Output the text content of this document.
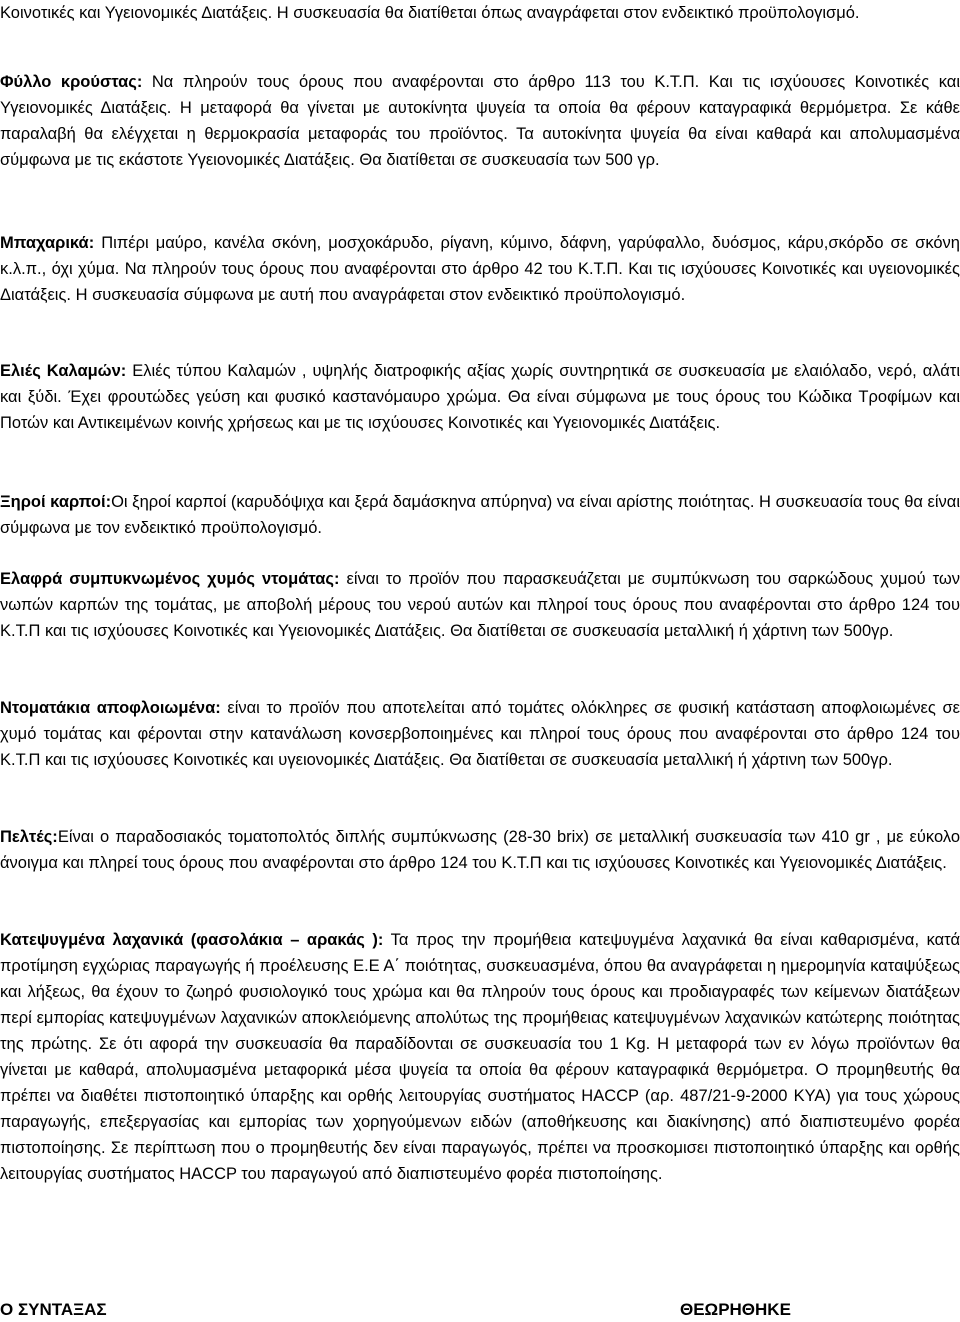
Κοινοτικές και Υγειονομικές Διατάξεις. Η συσκευασία θα διατίθεται όπως αναγράφεται στον ενδεικτικό προϋπολογισμό.

Φύλλο κρούστας: Να πληρούν τους όρους που αναφέρονται στο άρθρο 113 του Κ.Τ.Π. Και τις ισχύουσες Κοινοτικές και Υγειονομικές Διατάξεις. Η μεταφορά θα γίνεται με αυτοκίνητα ψυγεία τα οποία θα φέρουν καταγραφικά θερμόμετρα. Σε κάθε παραλαβή θα ελέγχεται η θερμοκρασία μεταφοράς του προϊόντος. Τα αυτοκίνητα ψυγεία θα είναι καθαρά και απολυμασμένα σύμφωνα με τις εκάστοτε Υγειονομικές Διατάξεις. Θα διατίθεται σε συσκευασία των 500 γρ.

Μπαχαρικά: Πιπέρι μαύρο, κανέλα σκόνη, μοσχοκάρυδο, ρίγανη, κύμινο, δάφνη, γαρύφαλλο, δυόσμος, κάρυ,σκόρδο σε σκόνη κ.λ.π., όχι χύμα. Να πληρούν τους όρους που αναφέρονται στο άρθρο 42 του Κ.Τ.Π. Και τις ισχύουσες Κοινοτικές και υγειονομικές Διατάξεις. Η συσκευασία σύμφωνα με αυτή που αναγράφεται στον ενδεικτικό προϋπολογισμό.

Ελιές Καλαμών: Ελιές τύπου Καλαμών , υψηλής διατροφικής αξίας χωρίς συντηρητικά σε συσκευασία με ελαιόλαδο, νερό, αλάτι και ξύδι. Έχει φρουτώδες γεύση και φυσικό καστανόμαυρο χρώμα. Θα είναι σύμφωνα με τους όρους του Κώδικα Τροφίμων και Ποτών και Αντικειμένων κοινής χρήσεως και με τις ισχύουσες Κοινοτικές και Υγειονομικές Διατάξεις.

Ξηροί καρποί:Οι ξηροί καρποί (καρυδόψιχα και ξερά δαμάσκηνα απύρηνα) να είναι αρίστης ποιότητας. Η συσκευασία τους θα είναι σύμφωνα με τον ενδεικτικό προϋπολογισμό.

Ελαφρά συμπυκνωμένος χυμός ντομάτας: είναι το προϊόν που παρασκευάζεται με συμπύκνωση του σαρκώδους χυμού των νωπών καρπών της τομάτας, με αποβολή μέρους του νερού αυτών και πληροί τους όρους που αναφέρονται στο άρθρο 124 του Κ.Τ.Π και τις ισχύουσες Κοινοτικές και Υγειονομικές Διατάξεις. Θα διατίθεται σε συσκευασία μεταλλική ή χάρτινη των 500γρ.

Ντοματάκια αποφλοιωμένα: είναι το προϊόν που αποτελείται από τομάτες ολόκληρες σε φυσική κατάσταση αποφλοιωμένες σε χυμό τομάτας και φέρονται στην κατανάλωση κονσερβοποιημένες και πληροί τους όρους που αναφέρονται στο άρθρο 124 του Κ.Τ.Π και τις ισχύουσες Κοινοτικές και υγειονομικές Διατάξεις. Θα διατίθεται σε συσκευασία μεταλλική ή χάρτινη των 500γρ.

Πελτές:Είναι ο παραδοσιακός τοματοπολτός διπλής συμπύκνωσης (28-30 brix) σε μεταλλική συσκευασία των 410 gr , με εύκολο άνοιγμα και πληρεί τους όρους που αναφέρονται στο άρθρο 124 του Κ.Τ.Π και τις ισχύουσες Κοινοτικές και Υγειονομικές Διατάξεις.

Κατεψυγμένα λαχανικά (φασολάκια – αρακάς ): Τα προς την προμήθεια κατεψυγμένα λαχανικά θα είναι καθαρισμένα, κατά προτίμηση εγχώριας παραγωγής ή προέλευσης Ε.Ε Α΄ ποιότητας, συσκευασμένα, όπου θα αναγράφεται η ημερομηνία καταψύξεως και λήξεως, θα έχουν το ζωηρό φυσιολογικό τους χρώμα και θα πληρούν τους όρους και προδιαγραφές των κείμενων διατάξεων περί εμπορίας κατεψυγμένων λαχανικών αποκλειόμενης απολύτως της προμήθειας κατεψυγμένων λαχανικών κατώτερης ποιότητας της πρώτης. Σε ότι αφορά την συσκευασία θα παραδίδονται σε συσκευασία του 1 Kg. Η μεταφορά των εν λόγω προϊόντων θα γίνεται με καθαρά, απολυμασμένα μεταφορικά μέσα ψυγεία τα οποία θα φέρουν καταγραφικά θερμόμετρα. Ο προμηθευτής θα πρέπει να διαθέτει πιστοποιητικό ύπαρξης και ορθής λειτουργίας συστήματος HACCP (αρ. 487/21-9-2000 ΚΥΑ) για τους χώρους παραγωγής, επεξεργασίας και εμπορίας των χορηγούμενων ειδών (αποθήκευσης και διακίνησης) από διαπιστευμένο φορέα πιστοποίησης. Σε περίπτωση που ο προμηθευτής δεν είναι παραγωγός, πρέπει να προσκομισει πιστοποιητικό ύπαρξης και ορθής λειτουργίας συστήματος HACCP του παραγωγού από διαπιστευμένο φορέα πιστοποίησης.

Ο ΣΥΝΤΑΞΑΣ	ΘΕΩΡΗΘΗΚΕ
